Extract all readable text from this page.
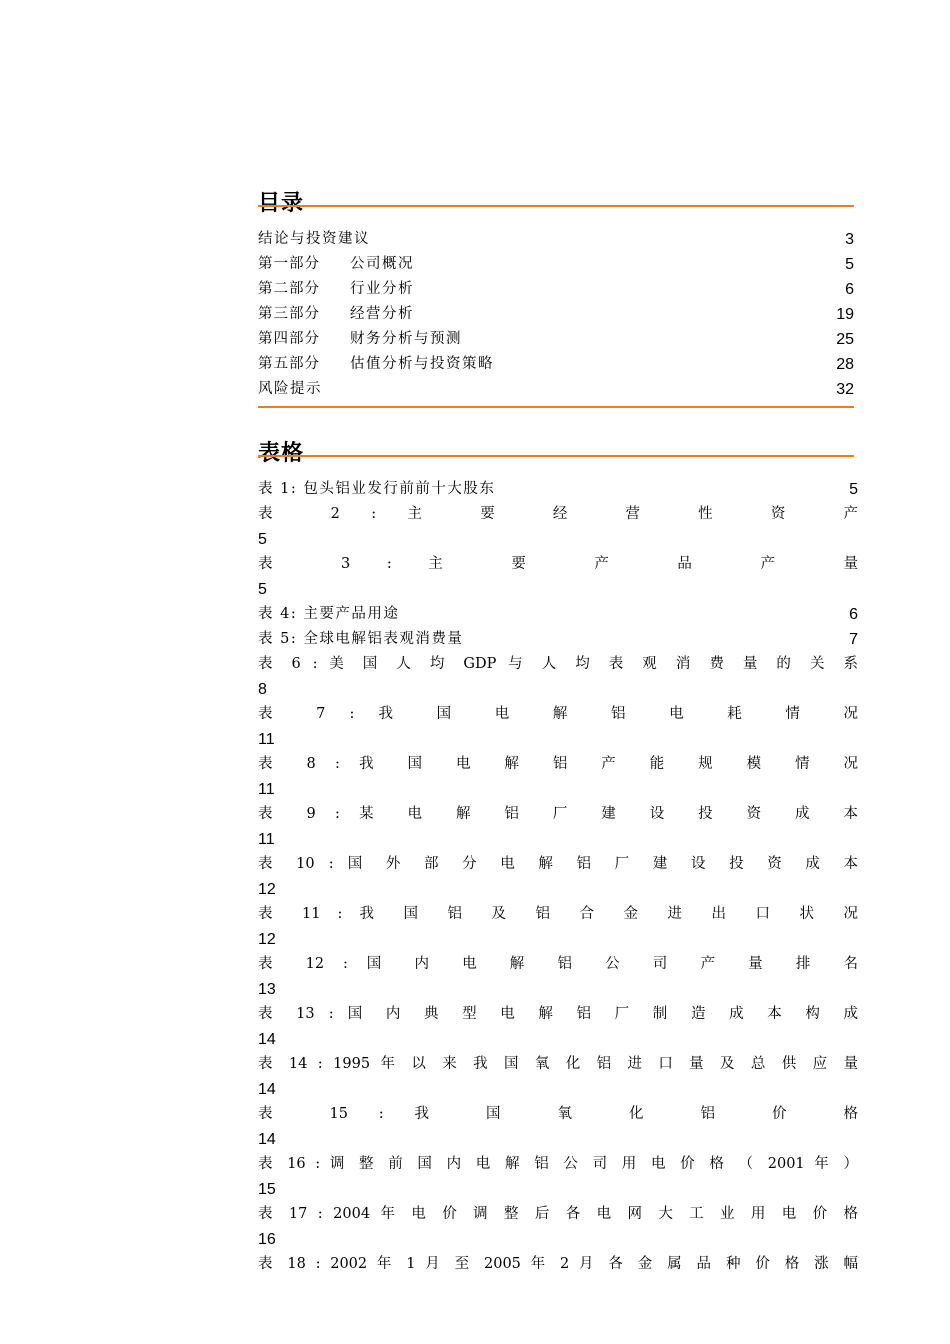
目录
结论与投资建议	3
第一部分 公司概况	5
第二部分 行业分析	6
第三部分 经营分析	19
第四部分 财务分析与预测	25
第五部分 估值分析与投资策略	28
风险提示	32
表格
表 1: 包头铝业发行前前十大股东	5
表 2 : 主 要 经 营 性 资 产
5
表 3 : 主 要 产 品 产 量
5
表 4: 主要产品用途	6
表 5: 全球电解铝表观消费量	7
表 6 : 美 国 人 均 GDP 与 人 均 表 观 消 费 量 的 关 系
8
表 7 : 我 国 电 解 铝 电 耗 情 况
11
表 8 : 我 国 电 解 铝 产 能 规 模 情 况
11
表 9 : 某 电 解 铝 厂 建 设 投 资 成 本
11
表 10 : 国 外 部 分 电 解 铝 厂 建 设 投 资 成 本
12
表 11 : 我 国 铝 及 铝 合 金 进 出 口 状 况
12
表 12 : 国 内 电 解 铝 公 司 产 量 排 名
13
表 13 : 国 内 典 型 电 解 铝 厂 制 造 成 本 构 成
14
表 14 : 1995 年 以 来 我 国 氧 化 铝 进 口 量 及 总 供 应 量
14
表 15 : 我 国 氧 化 铝 价 格
14
表 16 : 调 整 前 国 内 电 解 铝 公 司 用 电 价 格 （ 2001 年 ）
15
表 17 : 2004 年 电 价 调 整 后 各 电 网 大 工 业 用 电 价 格
16
表 18 : 2002 年 1 月 至 2005 年 2 月 各 金 属 品 种 价 格 涨 幅
